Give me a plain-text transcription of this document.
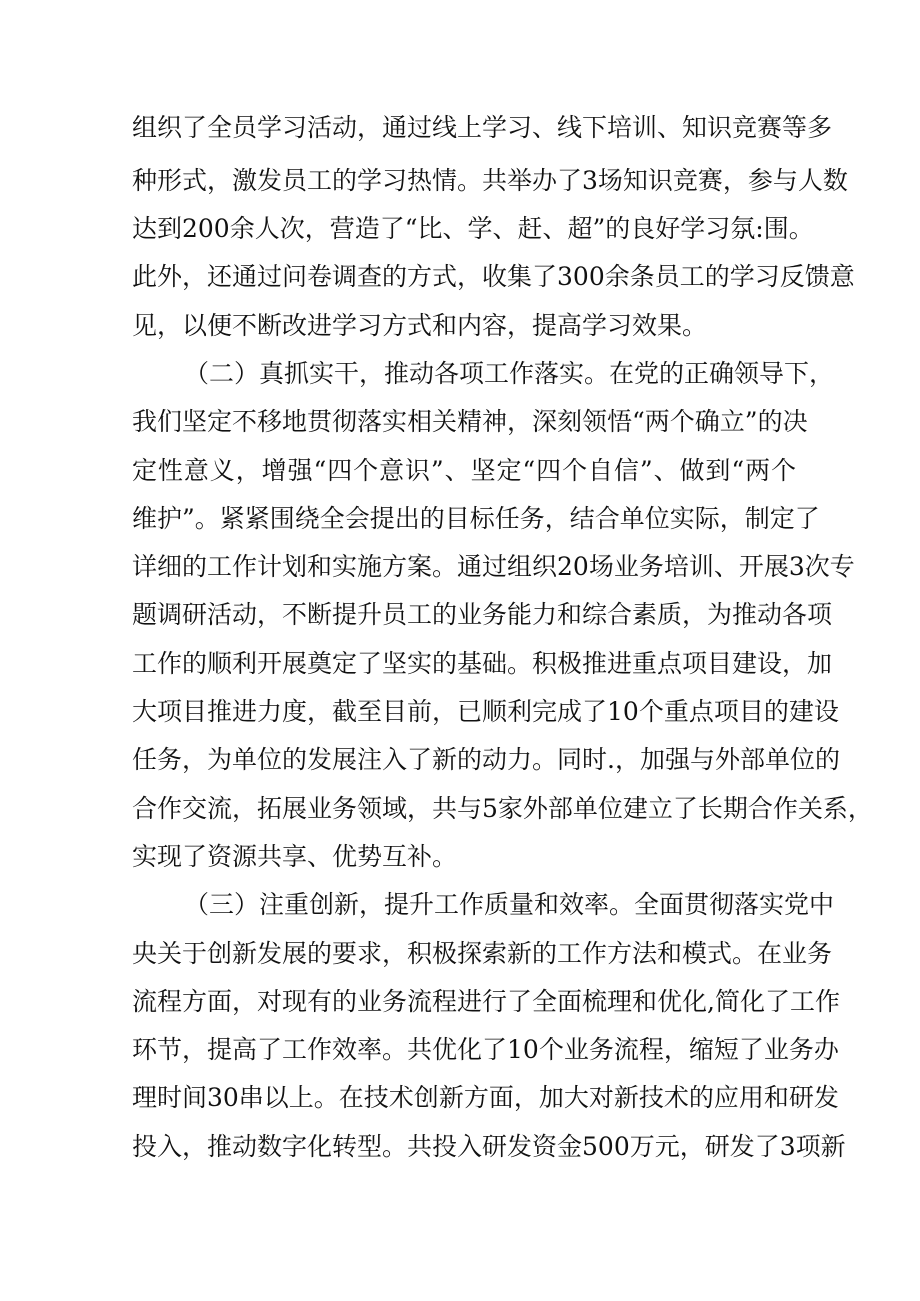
组织了全员学习活动，通过线上学习、线下培训、知识竞赛等多
种形式，激发员工的学习热情。共举办了3场知识竞赛，参与人数
达到200余人次，营造了“比、学、赶、超”的良好学习氛:围。
此外，还通过问卷调查的方式，收集了300余条员工的学习反馈意
见，以便不断改进学习方式和内容，提高学习效果。
（二）真抓实干，推动各项工作落实。在党的正确领导下，
我们坚定不移地贯彻落实相关精神，深刻领悟“两个确立”的决
定性意义，增强“四个意识”、坚定“四个自信”、做到“两个
维护”。紧紧围绕全会提出的目标任务，结合单位实际，制定了
详细的工作计划和实施方案。通过组织20场业务培训、开展3次专
题调研活动，不断提升员工的业务能力和综合素质，为推动各项
工作的顺利开展奠定了坚实的基础。积极推进重点项目建设，加
大项目推进力度，截至目前，已顺利完成了10个重点项目的建设
任务，为单位的发展注入了新的动力。同时.，加强与外部单位的
合作交流，拓展业务领域，共与5家外部单位建立了长期合作关系，
实现了资源共享、优势互补。
（三）注重创新，提升工作质量和效率。全面贯彻落实党中
央关于创新发展的要求，积极探索新的工作方法和模式。在业务
流程方面，对现有的业务流程进行了全面梳理和优化,简化了工作
环节，提高了工作效率。共优化了10个业务流程，缩短了业务办
理时间30串以上。在技术创新方面，加大对新技术的应用和研发
投入，推动数字化转型。共投入研发资金500万元，研发了3项新
